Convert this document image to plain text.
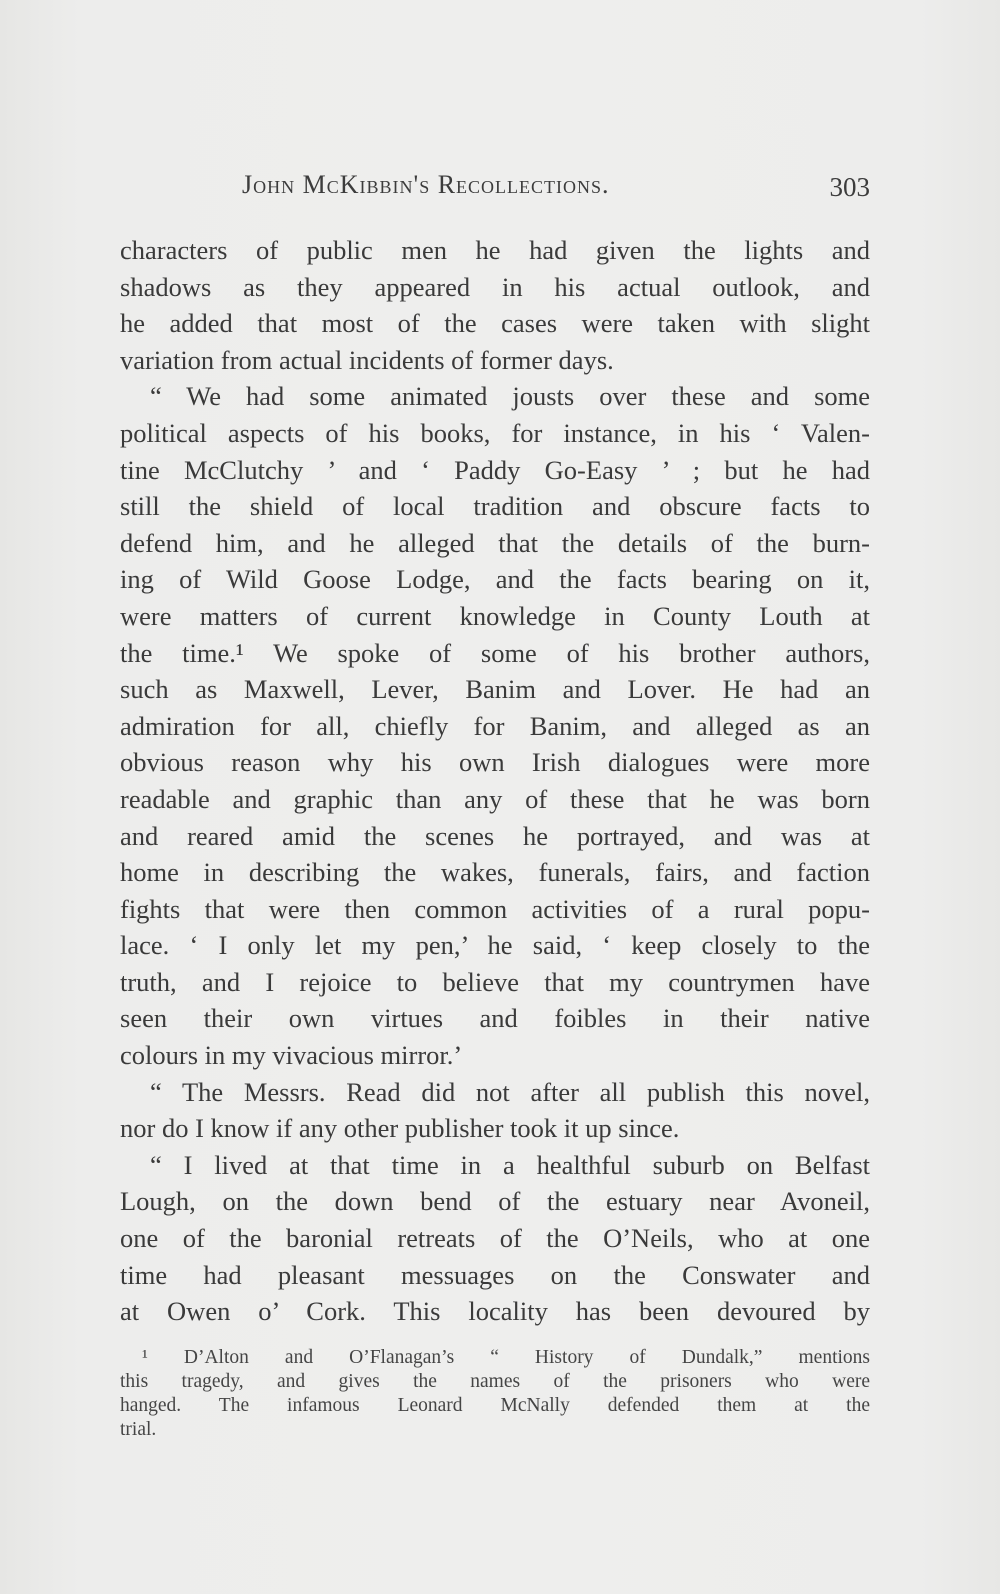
John McKibbin's Recollections.	303
characters of public men he had given the lights and
shadows as they appeared in his actual outlook, and
he added that most of the cases were taken with slight
variation from actual incidents of former days.
“ We had some animated jousts over these and some
political aspects of his books, for instance, in his ‘ Valen-
tine McClutchy ’ and ‘ Paddy Go-Easy ’ ; but he had
still the shield of local tradition and obscure facts to
defend him, and he alleged that the details of the burn-
ing of Wild Goose Lodge, and the facts bearing on it,
were matters of current knowledge in County Louth at
the time.¹ We spoke of some of his brother authors,
such as Maxwell, Lever, Banim and Lover. He had an
admiration for all, chiefly for Banim, and alleged as an
obvious reason why his own Irish dialogues were more
readable and graphic than any of these that he was born
and reared amid the scenes he portrayed, and was at
home in describing the wakes, funerals, fairs, and faction
fights that were then common activities of a rural popu-
lace. ‘ I only let my pen,’ he said, ‘ keep closely to the
truth, and I rejoice to believe that my countrymen have
seen their own virtues and foibles in their native
colours in my vivacious mirror.’
“ The Messrs. Read did not after all publish this novel,
nor do I know if any other publisher took it up since.
“ I lived at that time in a healthful suburb on Belfast
Lough, on the down bend of the estuary near Avoneil,
one of the baronial retreats of the O’Neils, who at one
time had pleasant messuages on the Conswater and
at Owen o’ Cork. This locality has been devoured by
¹ D’Alton and O’Flanagan’s “ History of Dundalk,” mentions
this tragedy, and gives the names of the prisoners who were
hanged. The infamous Leonard McNally defended them at the
trial.
